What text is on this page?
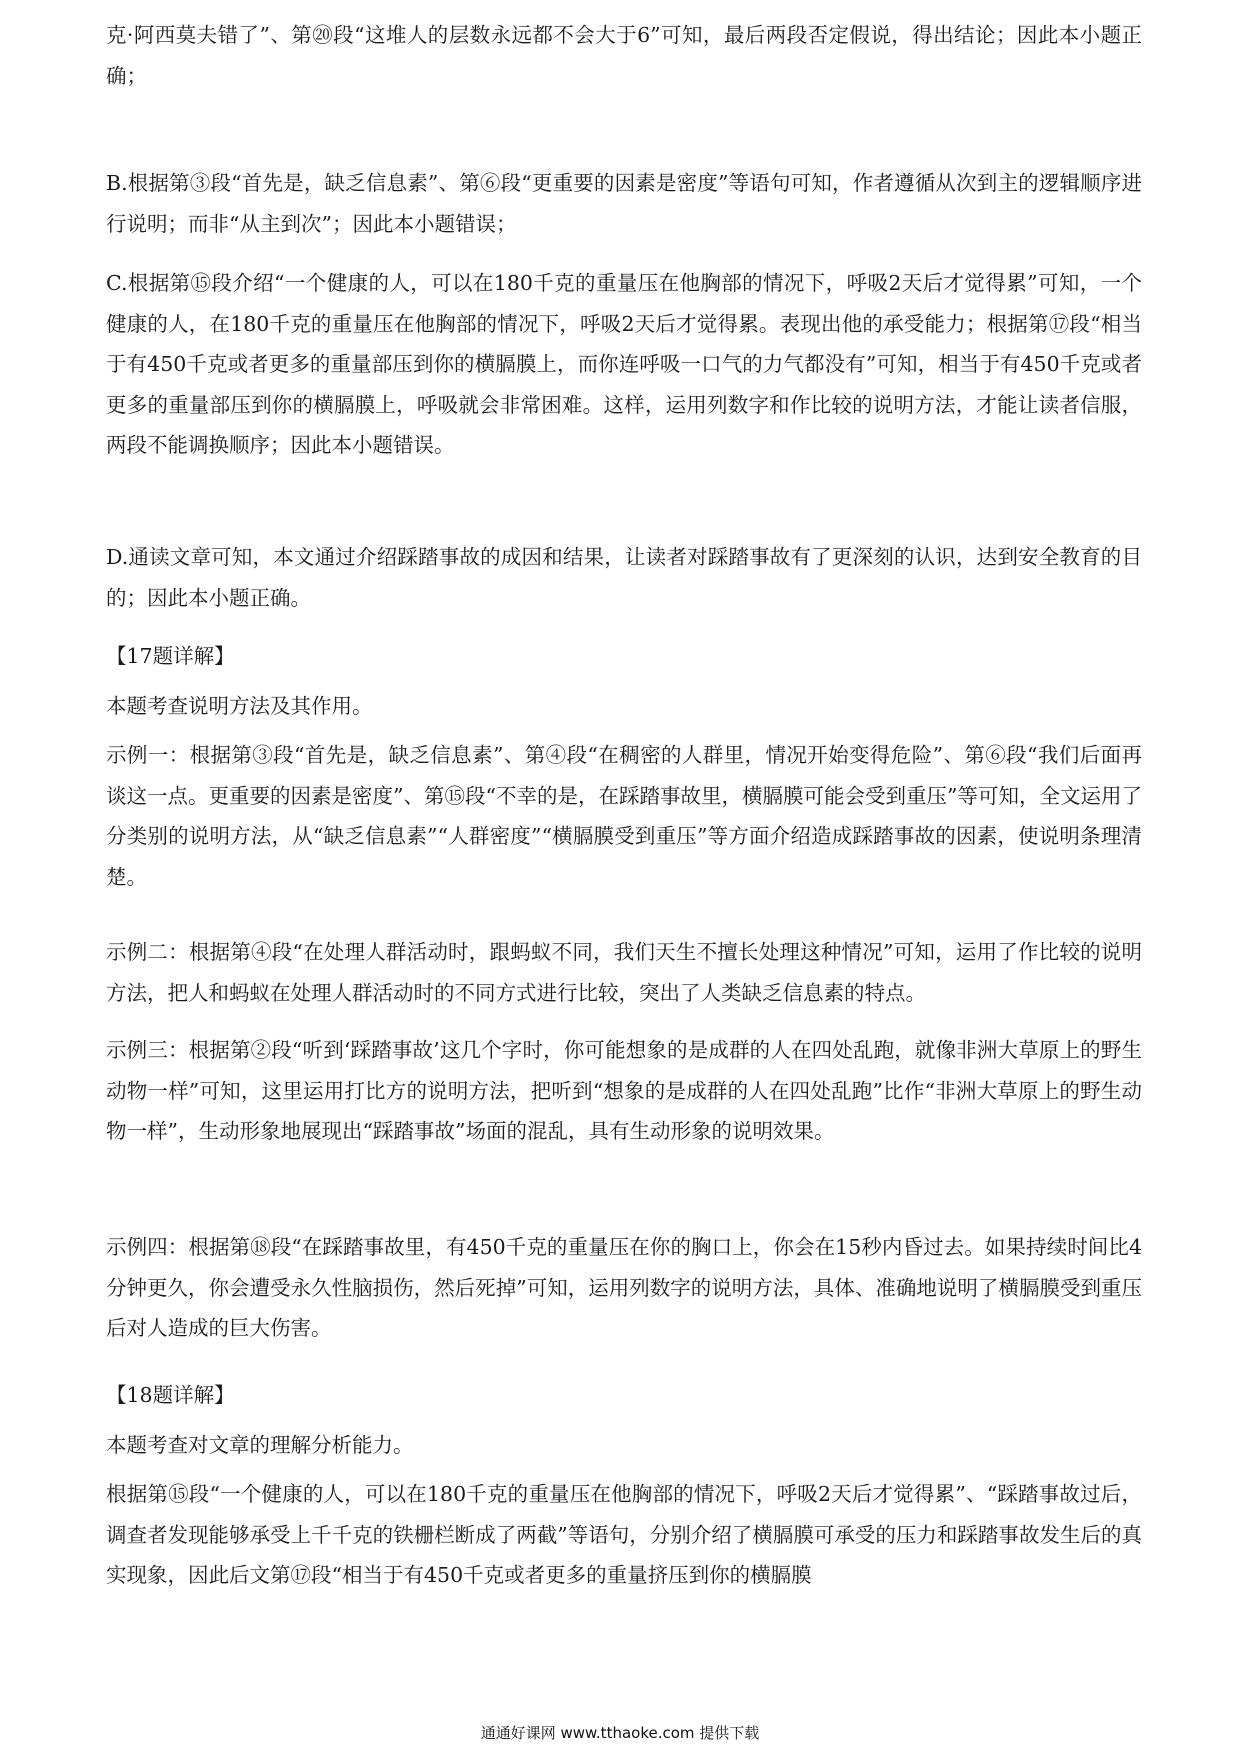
克·阿西莫夫错了”、第⑳段“这堆人的层数永远都不会大于6”可知，最后两段否定假说，得出结论；因此本小题正确；

B.根据第③段“首先是，缺乏信息素”、第⑥段“更重要的因素是密度”等语句可知，作者遵循从次到主的逻辑顺序进行说明；而非“从主到次”；因此本小题错误；

C.根据第⑮段介绍“一个健康的人，可以在180千克的重量压在他胸部的情况下，呼吸2天后才觉得累”可知，一个健康的人，在180千克的重量压在他胸部的情况下，呼吸2天后才觉得累。表现出他的承受能力；根据第⑰段“相当于有450千克或者更多的重量部压到你的横膈膜上，而你连呼吸一口气的力气都没有”可知，相当于有450千克或者更多的重量部压到你的横膈膜上，呼吸就会非常困难。这样，运用列数字和作比较的说明方法，才能让读者信服，两段不能调换顺序；因此本小题错误。

D.通读文章可知，本文通过介绍踩踏事故的成因和结果，让读者对踩踏事故有了更深刻的认识，达到安全教育的目的；因此本小题正确。

【17题详解】

本题考查说明方法及其作用。

示例一：根据第③段“首先是，缺乏信息素”、第④段“在稠密的人群里，情况开始变得危险”、第⑥段“我们后面再谈这一点。更重要的因素是密度”、第⑮段“不幸的是，在踩踏事故里，横膈膜可能会受到重压”等可知，全文运用了分类别的说明方法，从“缺乏信息素”“人群密度”“横膈膜受到重压”等方面介绍造成踩踏事故的因素，使说明条理清楚。

示例二：根据第④段“在处理人群活动时，跟蚂蚁不同，我们天生不擅长处理这种情况”可知，运用了作比较的说明方法，把人和蚂蚁在处理人群活动时的不同方式进行比较，突出了人类缺乏信息素的特点。

示例三：根据第②段“听到‘踩踏事故’这几个字时，你可能想象的是成群的人在四处乱跑，就像非洲大草原上的野生动物一样”可知，这里运用打比方的说明方法，把听到“想象的是成群的人在四处乱跑”比作“非洲大草原上的野生动物一样”，生动形象地展现出“踩踏事故”场面的混乱，具有生动形象的说明效果。

示例四：根据第⑱段“在踩踏事故里，有450千克的重量压在你的胸口上，你会在15秒内昏过去。如果持续时间比4分钟更久，你会遭受永久性脑损伤，然后死掉”可知，运用列数字的说明方法，具体、准确地说明了横膈膜受到重压后对人造成的巨大伤害。

【18题详解】

本题考查对文章的理解分析能力。

根据第⑮段“一个健康的人，可以在180千克的重量压在他胸部的情况下，呼吸2天后才觉得累”、“踩踏事故过后，调查者发现能够承受上千千克的铁栅栏断成了两截”等语句，分别介绍了横膈膜可承受的压力和踩踏事故发生后的真实现象，因此后文第⑰段“相当于有450千克或者更多的重量挤压到你的横膈膜

通通好课网 www.tthaoke.com 提供下载
